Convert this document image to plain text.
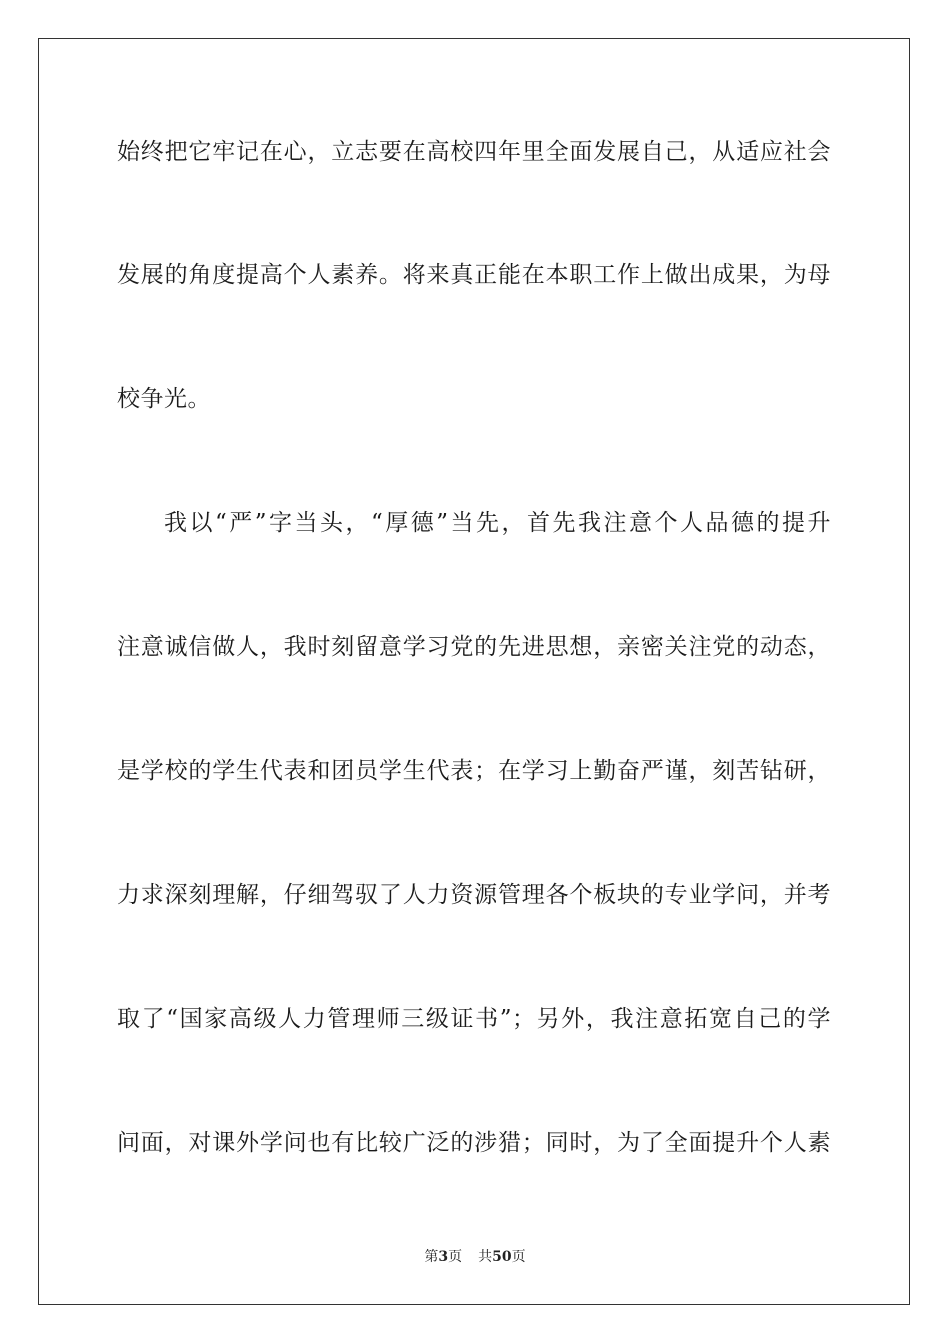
始终把它牢记在心，立志要在高校四年里全面发展自己，从适应社会
发展的角度提高个人素养。将来真正能在本职工作上做出成果，为母
校争光。
我以“严”字当头，“厚德”当先，首先我注意个人品德的提升
注意诚信做人，我时刻留意学习党的先进思想，亲密关注党的动态，
是学校的学生代表和团员学生代表；在学习上勤奋严谨，刻苦钻研，
力求深刻理解，仔细驾驭了人力资源管理各个板块的专业学问，并考
取了“国家高级人力管理师三级证书”；另外，我注意拓宽自己的学
问面，对课外学问也有比较广泛的涉猎；同时，为了全面提升个人素
第3页 共50页
